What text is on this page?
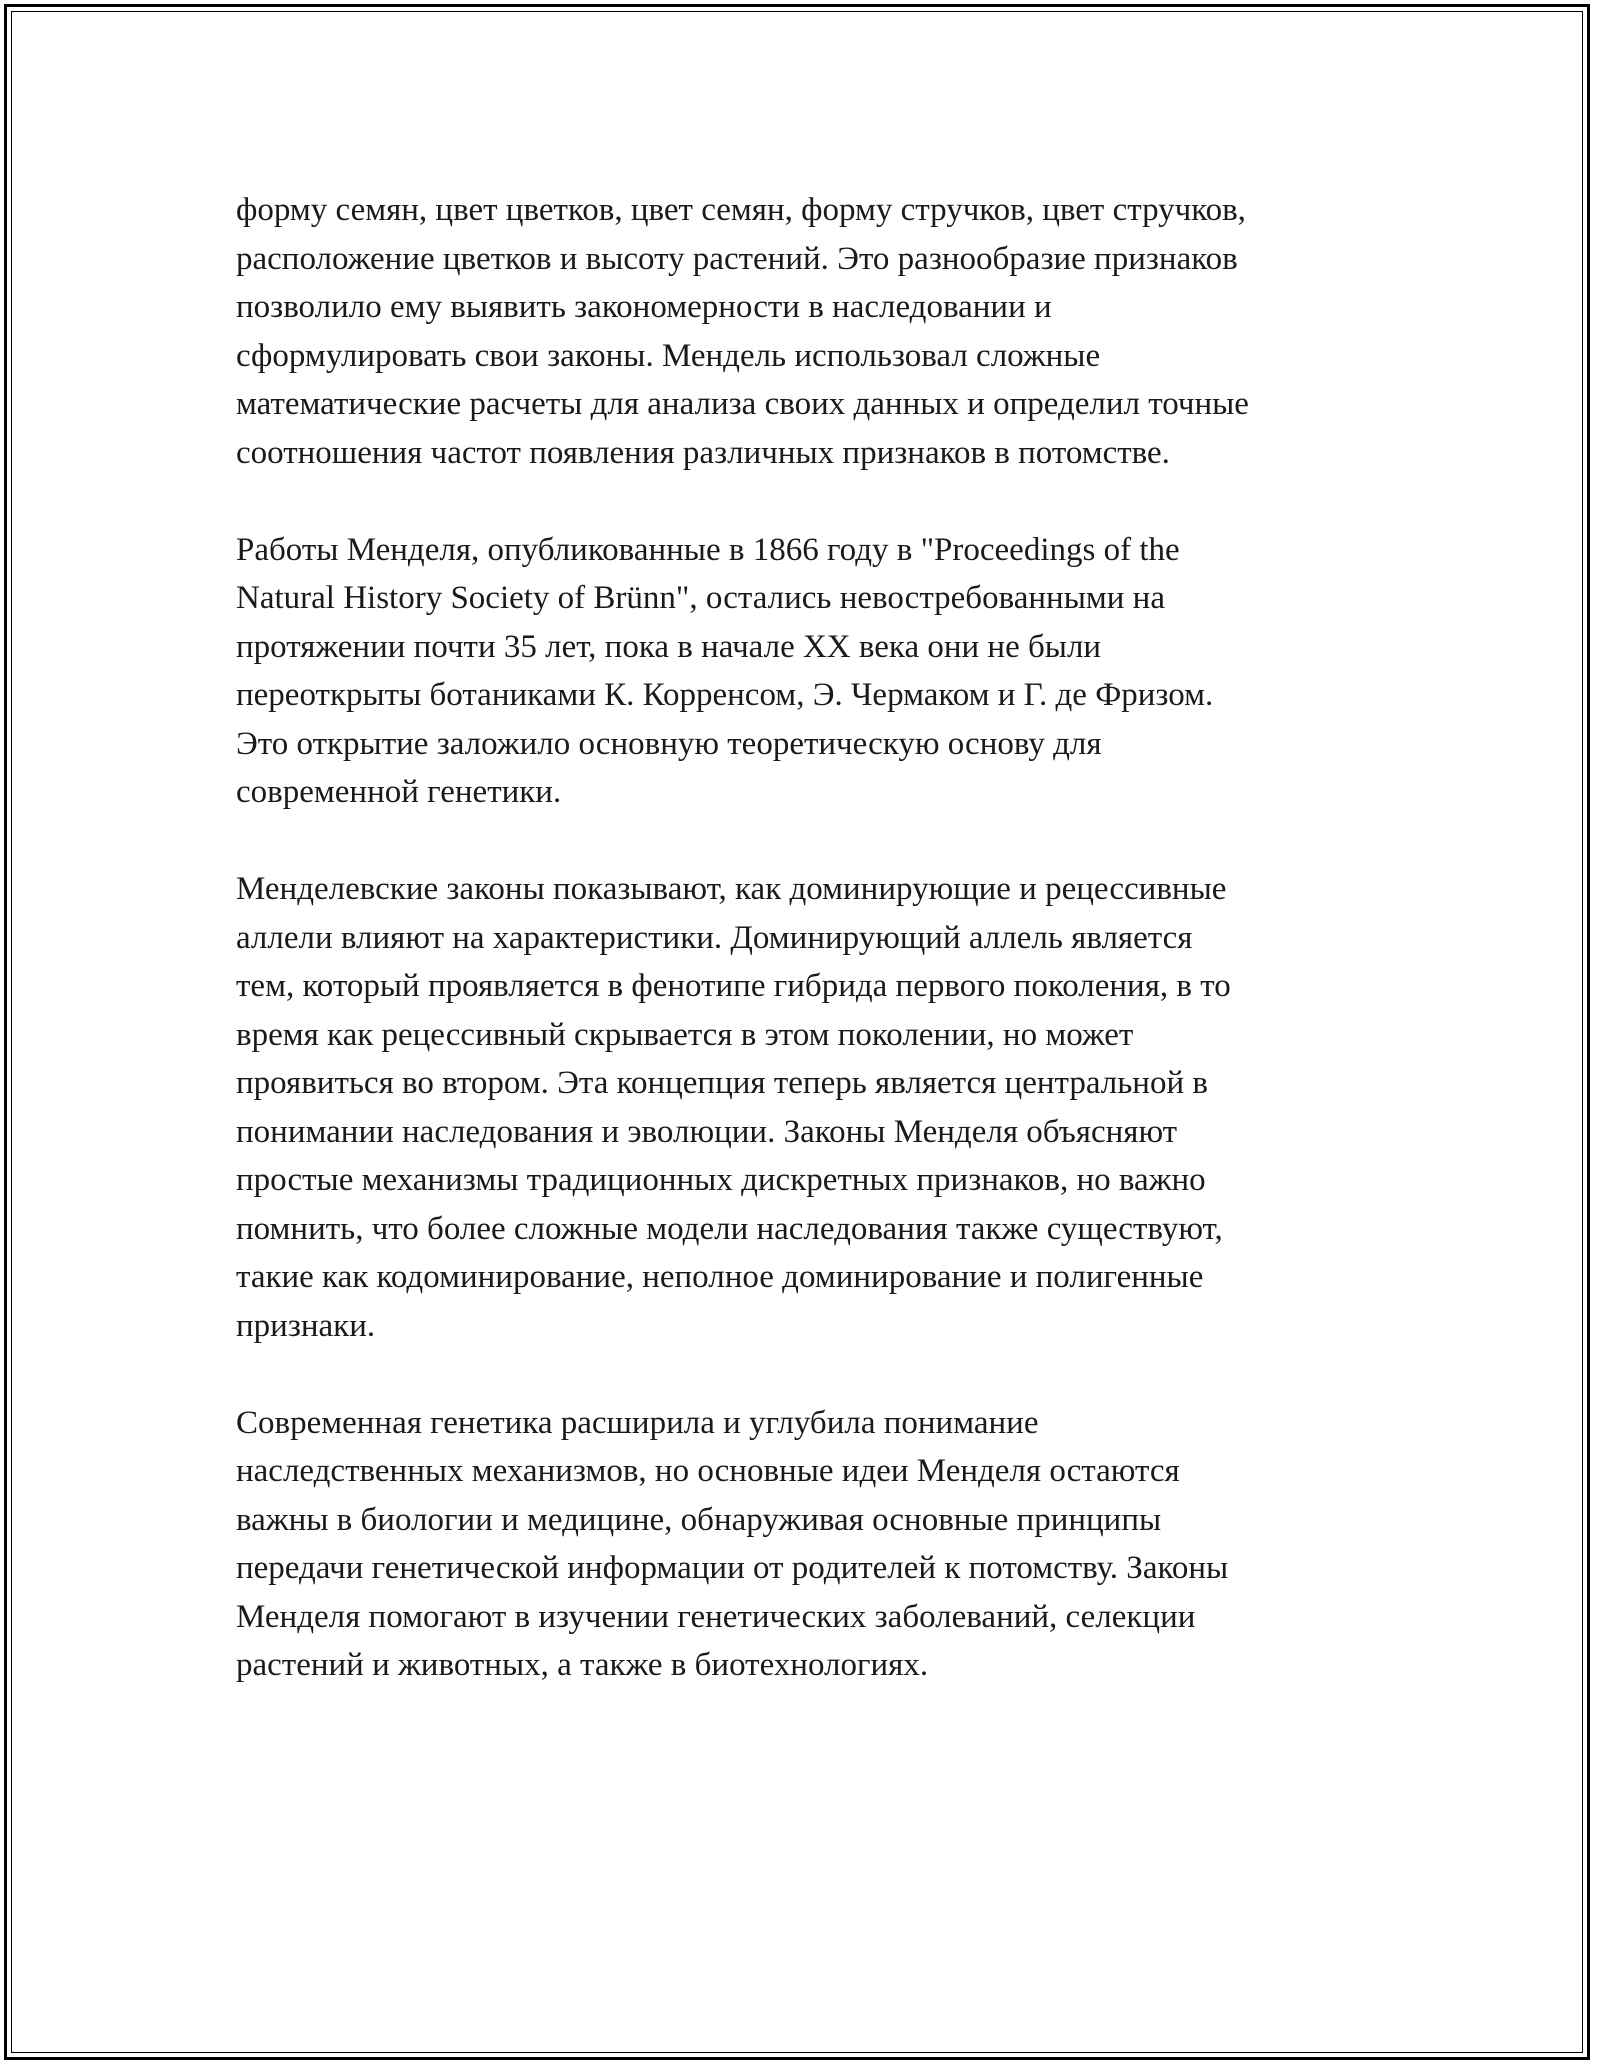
форму семян, цвет цветков, цвет семян, форму стручков, цвет стручков,
расположение цветков и высоту растений. Это разнообразие признаков
позволило ему выявить закономерности в наследовании и
сформулировать свои законы. Мендель использовал сложные
математические расчеты для анализа своих данных и определил точные
соотношения частот появления различных признаков в потомстве.

Работы Менделя, опубликованные в 1866 году в "Proceedings of the
Natural History Society of Brünn", остались невостребованными на
протяжении почти 35 лет, пока в начале XX века они не были
переоткрыты ботаниками К. Корренсом, Э. Чермаком и Г. де Фризом.
Это открытие заложило основную теоретическую основу для
современной генетики.

Менделевские законы показывают, как доминирующие и рецессивные
аллели влияют на характеристики. Доминирующий аллель является
тем, который проявляется в фенотипе гибрида первого поколения, в то
время как рецессивный скрывается в этом поколении, но может
проявиться во втором. Эта концепция теперь является центральной в
понимании наследования и эволюции. Законы Менделя объясняют
простые механизмы традиционных дискретных признаков, но важно
помнить, что более сложные модели наследования также существуют,
такие как кодоминирование, неполное доминирование и полигенные
признаки.

Современная генетика расширила и углубила понимание
наследственных механизмов, но основные идеи Менделя остаются
важны в биологии и медицине, обнаруживая основные принципы
передачи генетической информации от родителей к потомству. Законы
Менделя помогают в изучении генетических заболеваний, селекции
растений и животных, а также в биотехнологиях.
